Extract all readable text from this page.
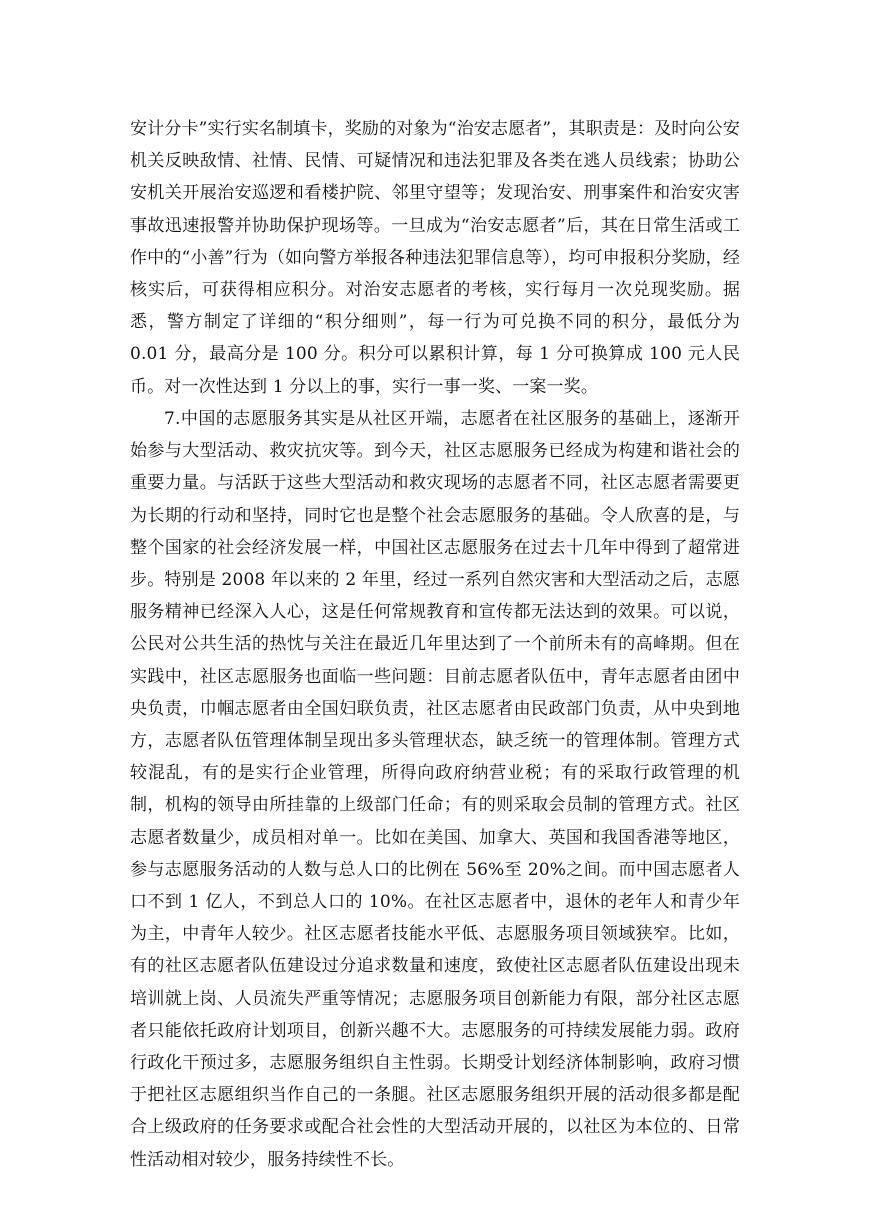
安计分卡”实行实名制填卡，奖励的对象为“治安志愿者”，其职责是：及时向公安机关反映敌情、社情、民情、可疑情况和违法犯罪及各类在逃人员线索；协助公安机关开展治安巡逻和看楼护院、邻里守望等；发现治安、刑事案件和治安灾害事故迅速报警并协助保护现场等。一旦成为“治安志愿者”后，其在日常生活或工作中的“小善”行为（如向警方举报各种违法犯罪信息等），均可申报积分奖励，经核实后，可获得相应积分。对治安志愿者的考核，实行每月一次兑现奖励。据悉，警方制定了详细的“积分细则”，每一行为可兑换不同的积分，最低分为 0.01 分，最高分是 100 分。积分可以累积计算，每 1 分可换算成 100 元人民币。对一次性达到 1 分以上的事，实行一事一奖、一案一奖。

7.中国的志愿服务其实是从社区开端，志愿者在社区服务的基础上，逐渐开始参与大型活动、救灾抗灾等。到今天，社区志愿服务已经成为构建和谐社会的重要力量。与活跃于这些大型活动和救灾现场的志愿者不同，社区志愿者需要更为长期的行动和坚持，同时它也是整个社会志愿服务的基础。令人欣喜的是，与整个国家的社会经济发展一样，中国社区志愿服务在过去十几年中得到了超常进步。特别是 2008 年以来的 2 年里，经过一系列自然灾害和大型活动之后，志愿服务精神已经深入人心，这是任何常规教育和宣传都无法达到的效果。可以说，公民对公共生活的热忱与关注在最近几年里达到了一个前所未有的高峰期。但在实践中，社区志愿服务也面临一些问题：目前志愿者队伍中，青年志愿者由团中央负责，巾帼志愿者由全国妇联负责，社区志愿者由民政部门负责，从中央到地方，志愿者队伍管理体制呈现出多头管理状态，缺乏统一的管理体制。管理方式较混乱，有的是实行企业管理，所得向政府纳营业税；有的采取行政管理的机制，机构的领导由所挂靠的上级部门任命；有的则采取会员制的管理方式。社区志愿者数量少，成员相对单一。比如在美国、加拿大、英国和我国香港等地区，参与志愿服务活动的人数与总人口的比例在 56%至 20%之间。而中国志愿者人口不到 1 亿人，不到总人口的 10%。在社区志愿者中，退休的老年人和青少年为主，中青年人较少。社区志愿者技能水平低、志愿服务项目领域狭窄。比如，有的社区志愿者队伍建设过分追求数量和速度，致使社区志愿者队伍建设出现未培训就上岗、人员流失严重等情况；志愿服务项目创新能力有限，部分社区志愿者只能依托政府计划项目，创新兴趣不大。志愿服务的可持续发展能力弱。政府行政化干预过多，志愿服务组织自主性弱。长期受计划经济体制影响，政府习惯于把社区志愿组织当作自己的一条腿。社区志愿服务组织开展的活动很多都是配合上级政府的任务要求或配合社会性的大型活动开展的，以社区为本位的、日常性活动相对较少，服务持续性不长。
